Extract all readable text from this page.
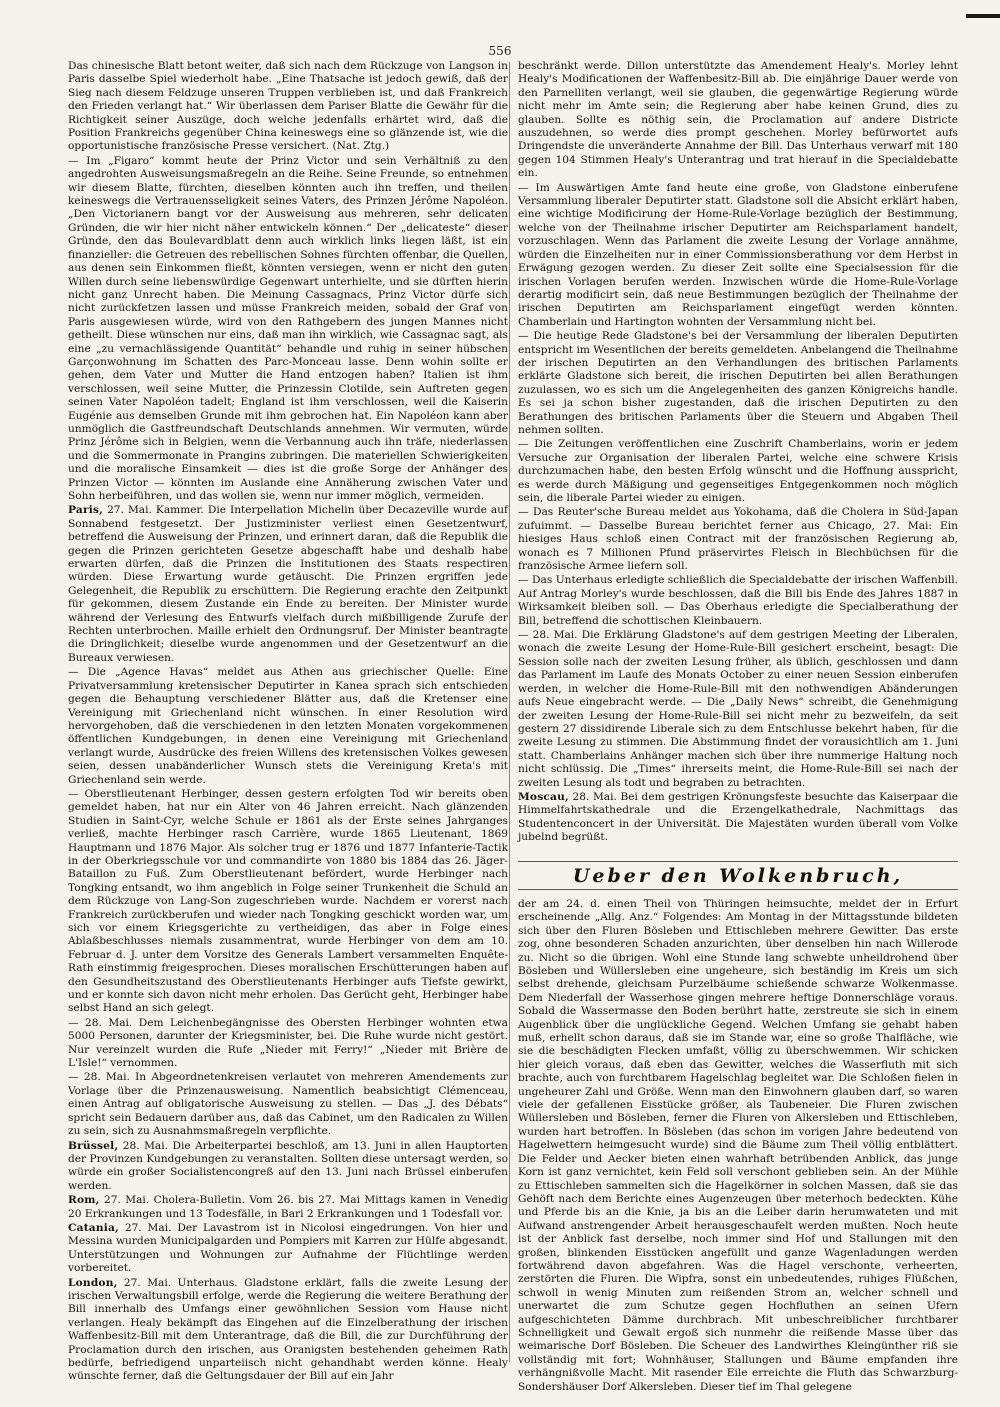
556

Das chinesische Blatt betont weiter, daß sich nach dem Rückzuge von Langson in Paris dasselbe Spiel wiederholt habe. „Eine Thatsache ist jedoch gewiß, daß der Sieg nach diesem Feldzuge unseren Truppen verblieben ist, und daß Frankreich den Frieden verlangt hat.“ Wir überlassen dem Pariser Blatte die Gewähr für die Richtigkeit seiner Auszüge, doch welche jedenfalls erhärtet wird, daß die Position Frankreichs gegenüber China keineswegs eine so glänzende ist, wie die opportunistische französische Presse versichert. (Nat. Ztg.)

— Im „Figaro“ kommt heute der Prinz Victor und sein Verhältniß zu den angedrohten Ausweisungsmaßregeln an die Reihe. Seine Freunde, so entnehmen wir diesem Blatte, fürchten, dieselben könnten auch ihn treffen, und theilen keineswegs die Vertrauensseligkeit seines Vaters, des Prinzen Jérôme Napoléon. „Den Victorianern bangt vor der Ausweisung aus mehreren, sehr delicaten Gründen, die wir hier nicht näher entwickeln können.“ Der „delicateste“ dieser Gründe, den das Boulevardblatt denn auch wirklich links liegen läßt, ist ein finanzieller: die Getreuen des rebellischen Sohnes fürchten offenbar, die Quellen, aus denen sein Einkommen fließt, könnten versiegen, wenn er nicht den guten Willen durch seine liebenswürdige Gegenwart unterhielte, und sie dürften hierin nicht ganz Unrecht haben. Die Meinung Cassagnacs, Prinz Victor dürfe sich nicht zurückfetzen lassen und müsse Frankreich meiden, sobald der Graf von Paris ausgewiesen würde, wird von den Rathgebern des jungen Mannes nicht getheilt. Diese wünschen nur eins, daß man ihn wirklich, wie Cassagnac sagt, als eine „zu vernachlässigende Quantität“ behandle und ruhig in seiner hübschen Garçonwohnung im Schatten des Parc-Monceau lasse. Denn wohin sollte er gehen, dem Vater und Mutter die Hand entzogen haben? Italien ist ihm verschlossen, weil seine Mutter, die Prinzessin Clotilde, sein Auftreten gegen seinen Vater Napoléon tadelt; England ist ihm verschlossen, weil die Kaiserin Eugénie aus demselben Grunde mit ihm gebrochen hat. Ein Napoléon kann aber unmöglich die Gastfreundschaft Deutschlands annehmen. Wir vermuten, würde Prinz Jérôme sich in Belgien, wenn die Verbannung auch ihn träfe, niederlassen und die Sommermonate in Prangins zubringen. Die materiellen Schwierigkeiten und die moralische Einsamkeit — dies ist die große Sorge der Anhänger des Prinzen Victor — könnten im Auslande eine Annäherung zwischen Vater und Sohn herbeiführen, und das wollen sie, wenn nur immer möglich, vermeiden.

Paris, 27. Mai. Kammer. Die Interpellation Michelin über Decazeville wurde auf Sonnabend festgesetzt. Der Justizminister verliest einen Gesetzentwurf, betreffend die Ausweisung der Prinzen, und erinnert daran, daß die Republik die gegen die Prinzen gerichteten Gesetze abgeschafft habe und deshalb habe erwarten dürfen, daß die Prinzen die Institutionen des Staats respectiren würden. Diese Erwartung wurde getäuscht. Die Prinzen ergriffen jede Gelegenheit, die Republik zu erschüttern. Die Regierung erachte den Zeitpunkt für gekommen, diesem Zustande ein Ende zu bereiten. Der Minister wurde während der Verlesung des Entwurfs vielfach durch mißbilligende Zurufe der Rechten unterbrochen. Maille erhielt den Ordnungsruf. Der Minister beantragte die Dringlichkeit; dieselbe wurde angenommen und der Gesetzentwurf an die Bureaux verwiesen.

— Die „Agence Havas“ meldet aus Athen aus griechischer Quelle: Eine Privatversammlung kretensischer Deputirter in Kanea sprach sich entschieden gegen die Behauptung verschiedener Blätter aus, daß die Kretenser eine Vereinigung mit Griechenland nicht wünschen. In einer Resolution wird hervorgehoben, daß die verschiedenen in den letzten Monaten vorgekommenen öffentlichen Kundgebungen, in denen eine Vereinigung mit Griechenland verlangt wurde, Ausdrücke des freien Willens des kretensischen Volkes gewesen seien, dessen unabänderlicher Wunsch stets die Vereinigung Kreta's mit Griechenland sein werde.

— Oberstlieutenant Herbinger, dessen gestern erfolgten Tod wir bereits oben gemeldet haben, hat nur ein Alter von 46 Jahren erreicht. Nach glänzenden Studien in Saint-Cyr, welche Schule er 1861 als der Erste seines Jahrganges verließ, machte Herbinger rasch Carrière, wurde 1865 Lieutenant, 1869 Hauptmann und 1876 Major. Als solcher trug er 1876 und 1877 Infanterie-Tactik in der Oberkriegsschule vor und commandirte von 1880 bis 1884 das 26. Jäger-Bataillon zu Fuß. Zum Oberstlieutenant befördert, wurde Herbinger nach Tongking entsandt, wo ihm angeblich in Folge seiner Trunkenheit die Schuld an dem Rückzuge von Lang-Son zugeschrieben wurde. Nachdem er vorerst nach Frankreich zurückberufen und wieder nach Tongking geschickt worden war, um sich vor einem Kriegsgerichte zu vertheidigen, das aber in Folge eines Ablaßbeschlusses niemals zusammentrat, wurde Herbinger von dem am 10. Februar d. J. unter dem Vorsitze des Generals Lambert versammelten Enquête-Rath einstimmig freigesprochen. Dieses moralischen Erschütterungen haben auf den Gesundheitszustand des Oberstlieutenants Herbinger aufs Tiefste gewirkt, und er konnte sich davon nicht mehr erholen. Das Gerücht geht, Herbinger habe selbst Hand an sich gelegt.

— 28. Mai. Dem Leichenbegängnisse des Obersten Herbinger wohnten etwa 5000 Personen, darunter der Kriegsminister, bei. Die Ruhe wurde nicht gestört. Nur vereinzelt wurden die Rufe „Nieder mit Ferry!“ „Nieder mit Brière de L'Isle!“ vernommen.

— 28. Mai. In Abgeordnetenkreisen verlautet von mehreren Amendements zur Vorlage über die Prinzenausweisung. Namentlich beabsichtigt Clémenceau, einen Antrag auf obligatorische Ausweisung zu stellen. — Das „J. des Débats“ spricht sein Bedauern darüber aus, daß das Cabinet, um den Radicalen zu Willen zu sein, sich zu Ausnahmsmaßregeln verpflichte.

Brüssel, 28. Mai. Die Arbeiterpartei beschloß, am 13. Juni in allen Hauptorten der Provinzen Kundgebungen zu veranstalten. Sollten diese untersagt werden, so würde ein großer Socialistencongreß auf den 13. Juni nach Brüssel einberufen werden.

Rom, 27. Mai. Cholera-Bulletin. Vom 26. bis 27. Mai Mittags kamen in Venedig 20 Erkrankungen und 13 Todesfälle, in Bari 2 Erkrankungen und 1 Todesfall vor.

Catania, 27. Mai. Der Lavastrom ist in Nicolosi eingedrungen. Von hier und Messina wurden Municipalgarden und Pompiers mit Karren zur Hülfe abgesandt. Unterstützungen und Wohnungen zur Aufnahme der Flüchtlinge werden vorbereitet.

London, 27. Mai. Unterhaus. Gladstone erklärt, falls die zweite Lesung der irischen Verwaltungsbill erfolge, werde die Regierung die weitere Berathung der Bill innerhalb des Umfangs einer gewöhnlichen Session vom Hause nicht verlangen. Healy bekämpft das Eingehen auf die Einzelberathung der irischen Waffenbesitz-Bill mit dem Unterantrage, daß die Bill, die zur Durchführung der Proclamation durch den irischen, aus Oranigsten bestehenden geheimen Rath bedürfe, befriedigend unparteiisch nicht gehandhabt werden könne. Healy wünschte ferner, daß die Geltungsdauer der Bill auf ein Jahr

beschränkt werde. Dillon unterstützte das Amendement Healy's. Morley lehnt Healy's Modificationen der Waffenbesitz-Bill ab. Die einjährige Dauer werde von den Parnelliten verlangt, weil sie glauben, die gegenwärtige Regierung würde nicht mehr im Amte sein; die Regierung aber habe keinen Grund, dies zu glauben. Sollte es nöthig sein, die Proclamation auf andere Districte auszudehnen, so werde dies prompt geschehen. Morley befürwortet aufs Dringendste die unveränderte Annahme der Bill. Das Unterhaus verwarf mit 180 gegen 104 Stimmen Healy's Unterantrag und trat hierauf in die Specialdebatte ein.

— Im Auswärtigen Amte fand heute eine große, von Gladstone einberufene Versammlung liberaler Deputirter statt. Gladstone soll die Absicht erklärt haben, eine wichtige Modificirung der Home-Rule-Vorlage bezüglich der Bestimmung, welche von der Theilnahme irischer Deputirter am Reichsparlament handelt, vorzuschlagen. Wenn das Parlament die zweite Lesung der Vorlage annähme, würden die Einzelheiten nur in einer Commissionsberathung vor dem Herbst in Erwägung gezogen werden. Zu dieser Zeit sollte eine Specialsession für die irischen Vorlagen berufen werden. Inzwischen würde die Home-Rule-Vorlage derartig modificirt sein, daß neue Bestimmungen bezüglich der Theilnahme der irischen Deputirten am Reichsparlament eingefügt werden könnten. Chamberlain und Hartington wohnten der Versammlung nicht bei.

— Die heutige Rede Gladstone's bei der Versammlung der liberalen Deputirten entspricht im Wesentlichen der bereits gemeldeten. Anbelangend die Theilnahme der irischen Deputirten an den Verhandlungen des britischen Parlaments erklärte Gladstone sich bereit, die irischen Deputirten bei allen Berathungen zuzulassen, wo es sich um die Angelegenheiten des ganzen Königreichs handle. Es sei ja schon bisher zugestanden, daß die irischen Deputirten zu den Berathungen des britischen Parlaments über die Steuern und Abgaben Theil nehmen sollten.

— Die Zeitungen veröffentlichen eine Zuschrift Chamberlains, worin er jedem Versuche zur Organisation der liberalen Partei, welche eine schwere Krisis durchzumachen habe, den besten Erfolg wünscht und die Hoffnung ausspricht, es werde durch Mäßigung und gegenseitiges Entgegenkommen noch möglich sein, die liberale Partei wieder zu einigen.

— Das Reuter'sche Bureau meldet aus Yokohama, daß die Cholera in Süd-Japan zufuimmt. — Dasselbe Bureau berichtet ferner aus Chicago, 27. Mai: Ein hiesiges Haus schloß einen Contract mit der französischen Regierung ab, wonach es 7 Millionen Pfund präservirtes Fleisch in Blechbüchsen für die französische Armee liefern soll.

— Das Unterhaus erledigte schließlich die Specialdebatte der irischen Waffenbill. Auf Antrag Morley's wurde beschlossen, daß die Bill bis Ende des Jahres 1887 in Wirksamkeit bleiben soll. — Das Oberhaus erledigte die Specialberathung der Bill, betreffend die schottischen Kleinbauern.

— 28. Mai. Die Erklärung Gladstone's auf dem gestrigen Meeting der Liberalen, wonach die zweite Lesung der Home-Rule-Bill gesichert erscheint, besagt: Die Session solle nach der zweiten Lesung früher, als üblich, geschlossen und dann das Parlament im Laufe des Monats October zu einer neuen Session einberufen werden, in welcher die Home-Rule-Bill mit den nothwendigen Abänderungen aufs Neue eingebracht werde. — Die „Daily News“ schreibt, die Genehmigung der zweiten Lesung der Home-Rule-Bill sei nicht mehr zu bezweifeln, da seit gestern 27 dissidirende Liberale sich zu dem Entschlusse bekehrt haben, für die zweite Lesung zu stimmen. Die Abstimmung findet der vorausichtlich am 1. Juni statt. Chamberlains Anhänger machen sich über ihre nummerige Haltung noch nicht schlüssig. Die „Times“ ihrerseits meint, die Home-Rule-Bill sei nach der zweiten Lesung als todt und begraben zu betrachten.

Moscau, 28. Mai. Bei dem gestrigen Krönungsfeste besuchte das Kaiserpaar die Himmelfahrtskathedrale und die Erzengelkathedrale, Nachmittags das Studentenconcert in der Universität. Die Majestäten wurden überall vom Volke jubelnd begrüßt.

Ueber den Wolkenbruch,

der am 24. d. einen Theil von Thüringen heimsuchte, meldet der in Erfurt erscheinende „Allg. Anz.“ Folgendes: Am Montag in der Mittagsstunde bildeten sich über den Fluren Bösleben und Ettischleben mehrere Gewitter. Das erste zog, ohne besonderen Schaden anzurichten, über denselben hin nach Willerode zu. Nicht so die übrigen. Wohl eine Stunde lang schwebte unheildrohend über Bösleben und Wüllersleben eine ungeheure, sich beständig im Kreis um sich selbst drehende, gleichsam Purzelbäume schießende schwarze Wolkenmasse. Dem Niederfall der Wasserhose gingen mehrere heftige Donnerschläge voraus. Sobald die Wassermasse den Boden berührt hatte, zerstreute sie sich in einem Augenblick über die unglückliche Gegend. Welchen Umfang sie gehabt haben muß, erhellt schon daraus, daß sie im Stande war, eine so große Thalfläche, wie sie die beschädigten Flecken umfaßt, völlig zu überschwemmen. Wir schicken hier gleich voraus, daß eben das Gewitter, welches die Wasserfluth mit sich brachte, auch von furchtbarem Hagelschlag begleitet war. Die Schloßen fielen in ungeheurer Zahl und Größe. Wenn man den Einwohnern glauben darf, so waren viele der gefallenen Eisstücke größer, als Taubeneier. Die Fluren zwischen Wüllersleben und Bösleben, ferner die Fluren von Alkersleben und Ettischleben, wurden hart betroffen. In Bösleben (das schon im vorigen Jahre bedeutend von Hagelwettern heimgesucht wurde) sind die Bäume zum Theil völlig entblättert. Die Felder und Aecker bieten einen wahrhaft betrübenden Anblick, das junge Korn ist ganz vernichtet, kein Feld soll verschont geblieben sein. An der Mühle zu Ettischleben sammelten sich die Hagelkörner in solchen Massen, daß sie das Gehöft nach dem Berichte eines Augenzeugen über meterhoch bedeckten. Kühe und Pferde bis an die Knie, ja bis an die Leiber darin herumwateten und mit Aufwand anstrengender Arbeit herausgeschaufelt werden mußten. Noch heute ist der Anblick fast derselbe, noch immer sind Hof und Stallungen mit den großen, blinkenden Eisstücken angefüllt und ganze Wagenladungen werden fortwährend davon abgefahren. Was die Hagel verschonte, verheerten, zerstörten die Fluren. Die Wipfra, sonst ein unbedeutendes, ruhiges Flüßchen, schwoll in wenig Minuten zum reißenden Strom an, welcher schnell und unerwartet die zum Schutze gegen Hochfluthen an seinen Ufern aufgeschichteten Dämme durchbrach. Mit unbeschreiblicher furchtbarer Schnelligkeit und Gewalt ergoß sich nunmehr die reißende Masse über das weimarische Dorf Bösleben. Die Scheuer des Landwirthes Kleingünther riß sie vollständig mit fort; Wohnhäuser, Stallungen und Bäume empfanden ihre verhängnißvolle Macht. Mit rasender Eile erreichte die Fluth das Schwarzburg-Sondershäuser Dorf Alkersleben. Dieser tief im Thal gelegene
